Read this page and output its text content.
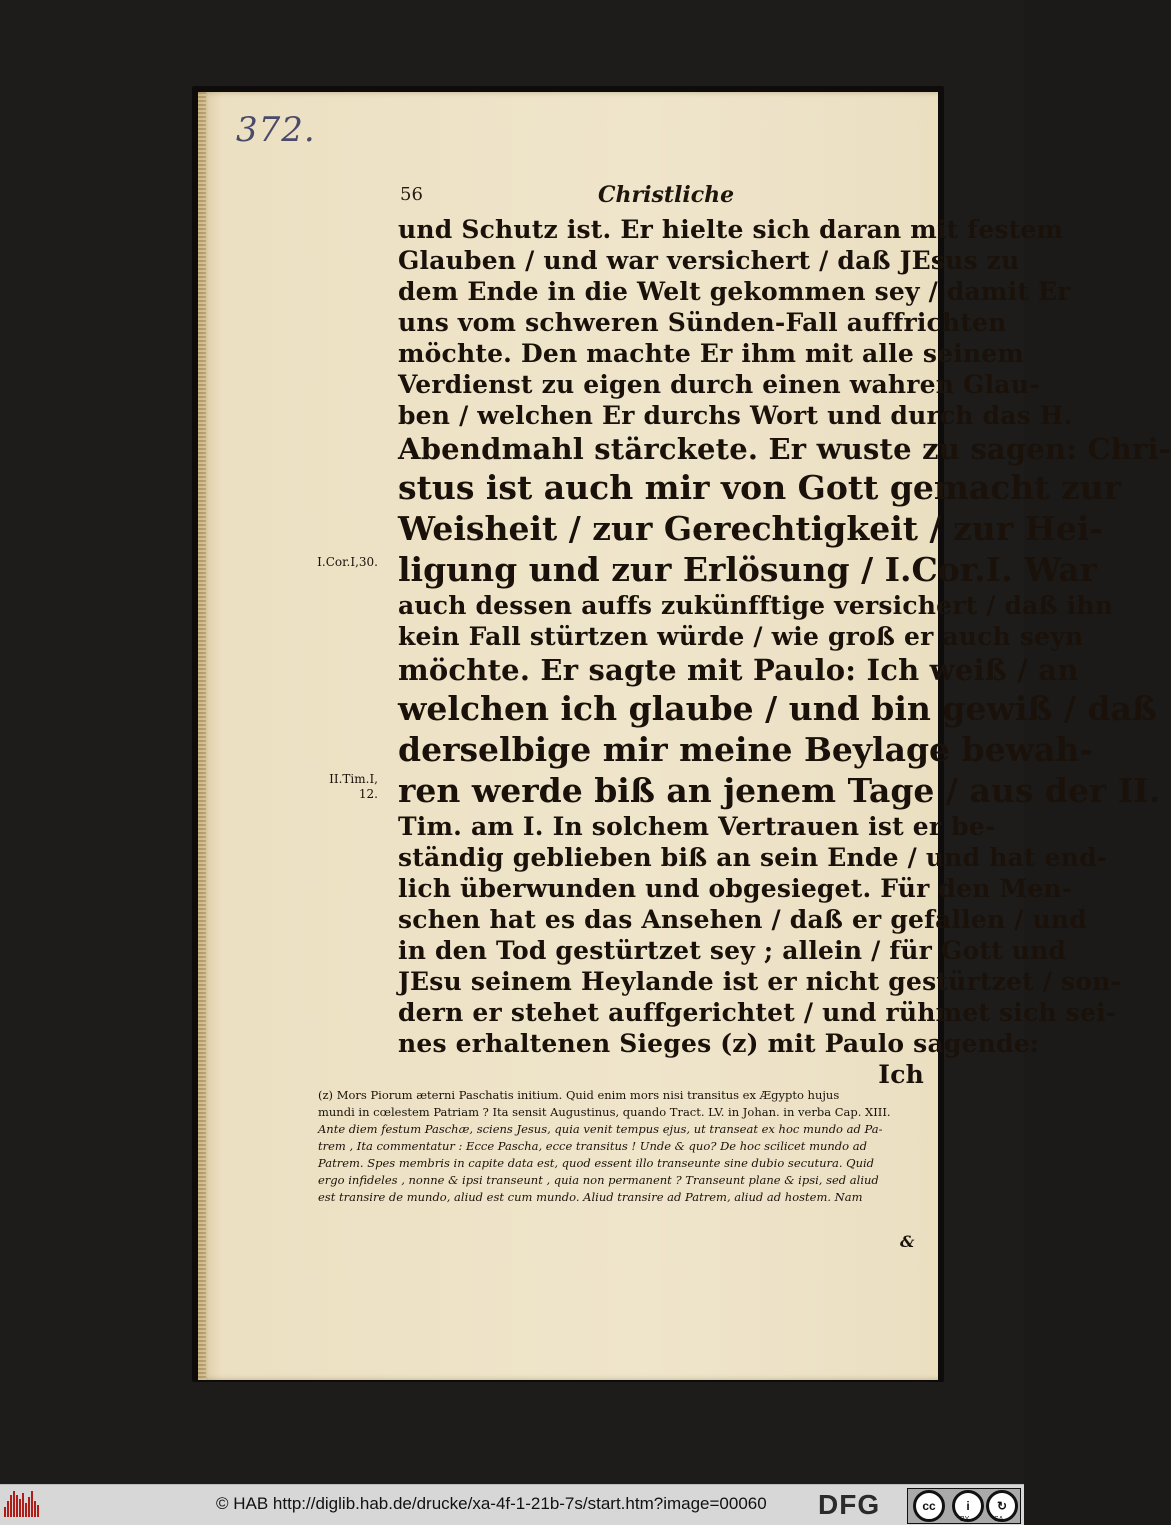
372.
56	Christliche
I.Cor.I,30.
II.Tim.I,
12.
und Schutz ist. Er hielte sich daran mit festem
Glauben / und war versichert / daß JEsus zu
dem Ende in die Welt gekommen sey / damit Er
uns vom schweren Sünden-Fall auffrichten
möchte. Den machte Er ihm mit alle seinem
Verdienst zu eigen durch einen wahren Glau-
ben / welchen Er durchs Wort und durch das H.
Abendmahl stärckete. Er wuste zu sagen: Chri-
stus ist auch mir von Gott gemacht zur
Weisheit / zur Gerechtigkeit / zur Hei-
ligung und zur Erlösung / I.Cor.I. War
auch dessen auffs zukünfftige versichert / daß ihn
kein Fall stürtzen würde / wie groß er auch seyn
möchte. Er sagte mit Paulo: Ich weiß / an
welchen ich glaube / und bin gewiß / daß
derselbige mir meine Beylage bewah-
ren werde biß an jenem Tage / aus der II.
Tim. am I. In solchem Vertrauen ist er be-
ständig geblieben biß an sein Ende / und hat end-
lich überwunden und obgesieget. Für den Men-
schen hat es das Ansehen / daß er gefallen / und
in den Tod gestürtzet sey ; allein / für Gott und
JEsu seinem Heylande ist er nicht gestürtzet / son-
dern er stehet auffgerichtet / und rühmet sich sei-
nes erhaltenen Sieges (z) mit Paulo sagende:
Ich
(z) Mors Piorum æterni Paschatis initium. Quid enim mors nisi transitus ex Ægypto hujus
mundi in cœlestem Patriam ? Ita sensit Augustinus, quando Tract. LV. in Johan. in verba Cap. XIII.
Ante diem festum Paschæ, sciens Jesus, quia venit tempus ejus, ut transeat ex hoc mundo ad Pa-
trem , Ita commentatur : Ecce Pascha, ecce transitus ! Unde & quo? De hoc scilicet mundo ad
Patrem. Spes membris in capite data est, quod essent illo transeunte sine dubio secutura. Quid
ergo infideles , nonne & ipsi transeunt , quia non permanent ? Transeunt plane & ipsi, sed aliud
est transire de mundo, aliud est cum mundo. Aliud transire ad Patrem, aliud ad hostem. Nam
&
© HAB http://diglib.hab.de/drucke/xa-4f-1-21b-7s/start.htm?image=00060 DFG	cc	i	↻
BY	SA
